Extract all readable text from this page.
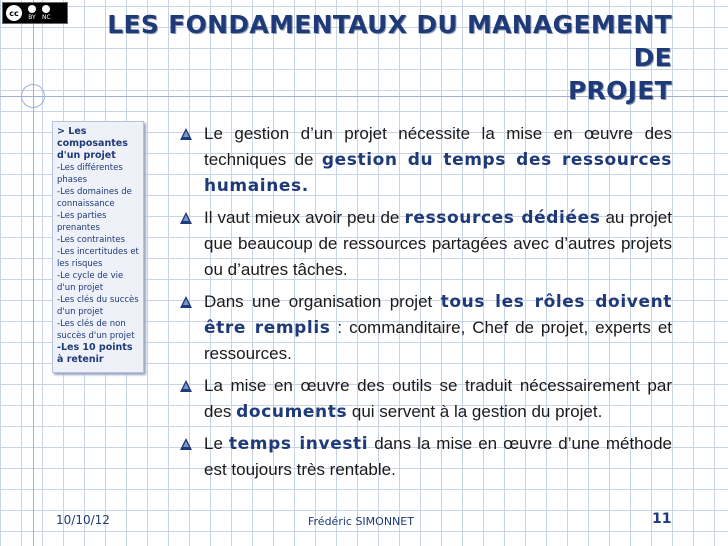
cc	BY NC LES FONDAMENTAUX DU MANAGEMENT DE
PROJET
> Les composantes d'un projet
-Les différentes phases
-Les domaines de connaissance
-Les parties prenantes
-Les contraintes
-Les incertitudes et les risques
-Le cycle de vie d'un projet
-Les clés du succès d'un projet
-Les clés de non succès d'un projet
-Les 10 points à retenir
Le gestion d’un projet nécessite la mise en œuvre des techniques de gestion du temps des ressources humaines.
Il vaut mieux avoir peu de ressources dédiées au projet que beaucoup de ressources partagées avec d’autres projets ou d’autres tâches.
Dans une organisation projet tous les rôles doivent être remplis : commanditaire, Chef de projet, experts et ressources.
La mise en œuvre des outils se traduit nécessairement par des documents qui servent à la gestion du projet.
Le temps investi dans la mise en œuvre d’une méthode est toujours très rentable.
10/10/12	Frédéric SIMONNET	11
